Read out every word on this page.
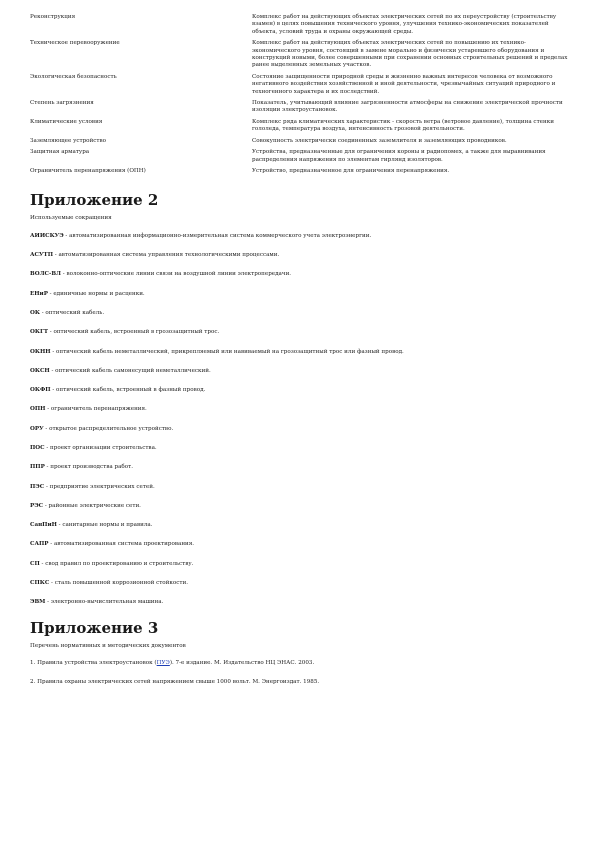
Реконструкция	Комплекс работ на действующих объектах электрических сетей по их переустройству (строительству взамен) в целях повышения технического уровня, улучшения технико-экономических показателей объекта, условий труда и охраны окружающей среды.
Техническое перевооружение	Комплекс работ на действующих объектах электрических сетей по повышению их технико-экономического уровня, состоящий в замене морально и физически устаревшего оборудования и конструкций новыми, более совершенными при сохранении основных строительных решений и пределах ранее выделенных земельных участков.
Экологическая безопасность	Состояние защищенности природной среды и жизненно важных интересов человека от возможного негативного воздействия хозяйственной и иной деятельности, чрезвычайных ситуаций природного и техногенного характера и их последствий.
Степень загрязнения	Показатель, учитывающий влияние загрязненности атмосферы на снижение электрической прочности изоляции электроустановок.
Климатические условия	Комплекс ряда климатических характеристик - скорость ветра (ветровое давление), толщина стенки гололеда, температура воздуха, интенсивность грозовой деятельности.
Заземляющее устройство	Совокупность электрически соединенных заземлителя и заземляющих проводников.
Защитная арматура	Устройства, предназначенные для ограничения короны и радиопомех, а также для выравнивания распределения напряжения по элементам гирлянд изоляторов.
Ограничитель перенапряжения (ОПН)	Устройство, предназначенное для ограничения перенапряжения.
Приложение 2
Используемые сокращения
АИИСКУЭ - автоматизированная информационно-измерительная система коммерческого учета электроэнергии.
АСУТП - автоматизированная система управления технологическими процессами.
ВОЛС-ВЛ - волоконно-оптические линии связи на воздушной линии электропередачи.
ЕНиР - единичные нормы и расценки.
ОК - оптический кабель.
ОКГТ - оптический кабель, встроенный в грозозащитный трос.
ОКНН - оптический кабель неметаллический, прикрепляемый или навиваемый на грозозащитный трос или фазный провод.
ОКСН - оптический кабель самонесущий неметаллический.
ОКФП - оптический кабель, встроенный в фазный провод.
ОПН - ограничитель перенапряжения.
ОРУ - открытое распределительное устройство.
ПОС - проект организации строительства.
ППР - проект производства работ.
ПЭС - предприятие электрических сетей.
РЭС - районные электрические сети.
СанПиН - санитарные нормы и правила.
САПР - автоматизированная система проектирования.
СП - свод правил по проектированию и строительству.
СПКС - сталь повышенной коррозионной стойкости.
ЭВМ - электронно-вычислительная машина.
Приложение 3
Перечень нормативных и методических документов
1. Правила устройства электроустановок (ПУЭ). 7-е издание. М. Издательство НЦ ЭНАС. 2003.
2. Правила охраны электрических сетей напряжением свыше 1000 вольт. М. Энергоиздат. 1985.
